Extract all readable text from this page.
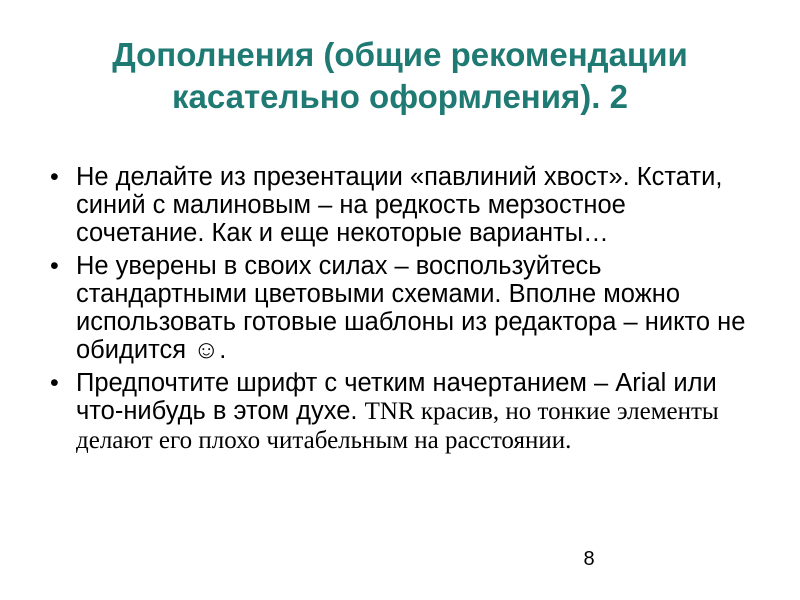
Дополнения (общие рекомендации
касательно оформления). 2
• Не делайте из презентации «павлиний хвост». Кстати, синий с малиновым – на редкость мерзостное сочетание. Как и еще некоторые варианты…
• Не уверены в своих силах – воспользуйтесь стандартными цветовыми схемами. Вполне можно использовать готовые шаблоны из редактора – никто не обидится ☺.
• Предпочтите шрифт с четким начертанием – Arial или что-нибудь в этом духе. TNR красив, но тонкие элементы делают его плохо читабельным на расстоянии.
8
